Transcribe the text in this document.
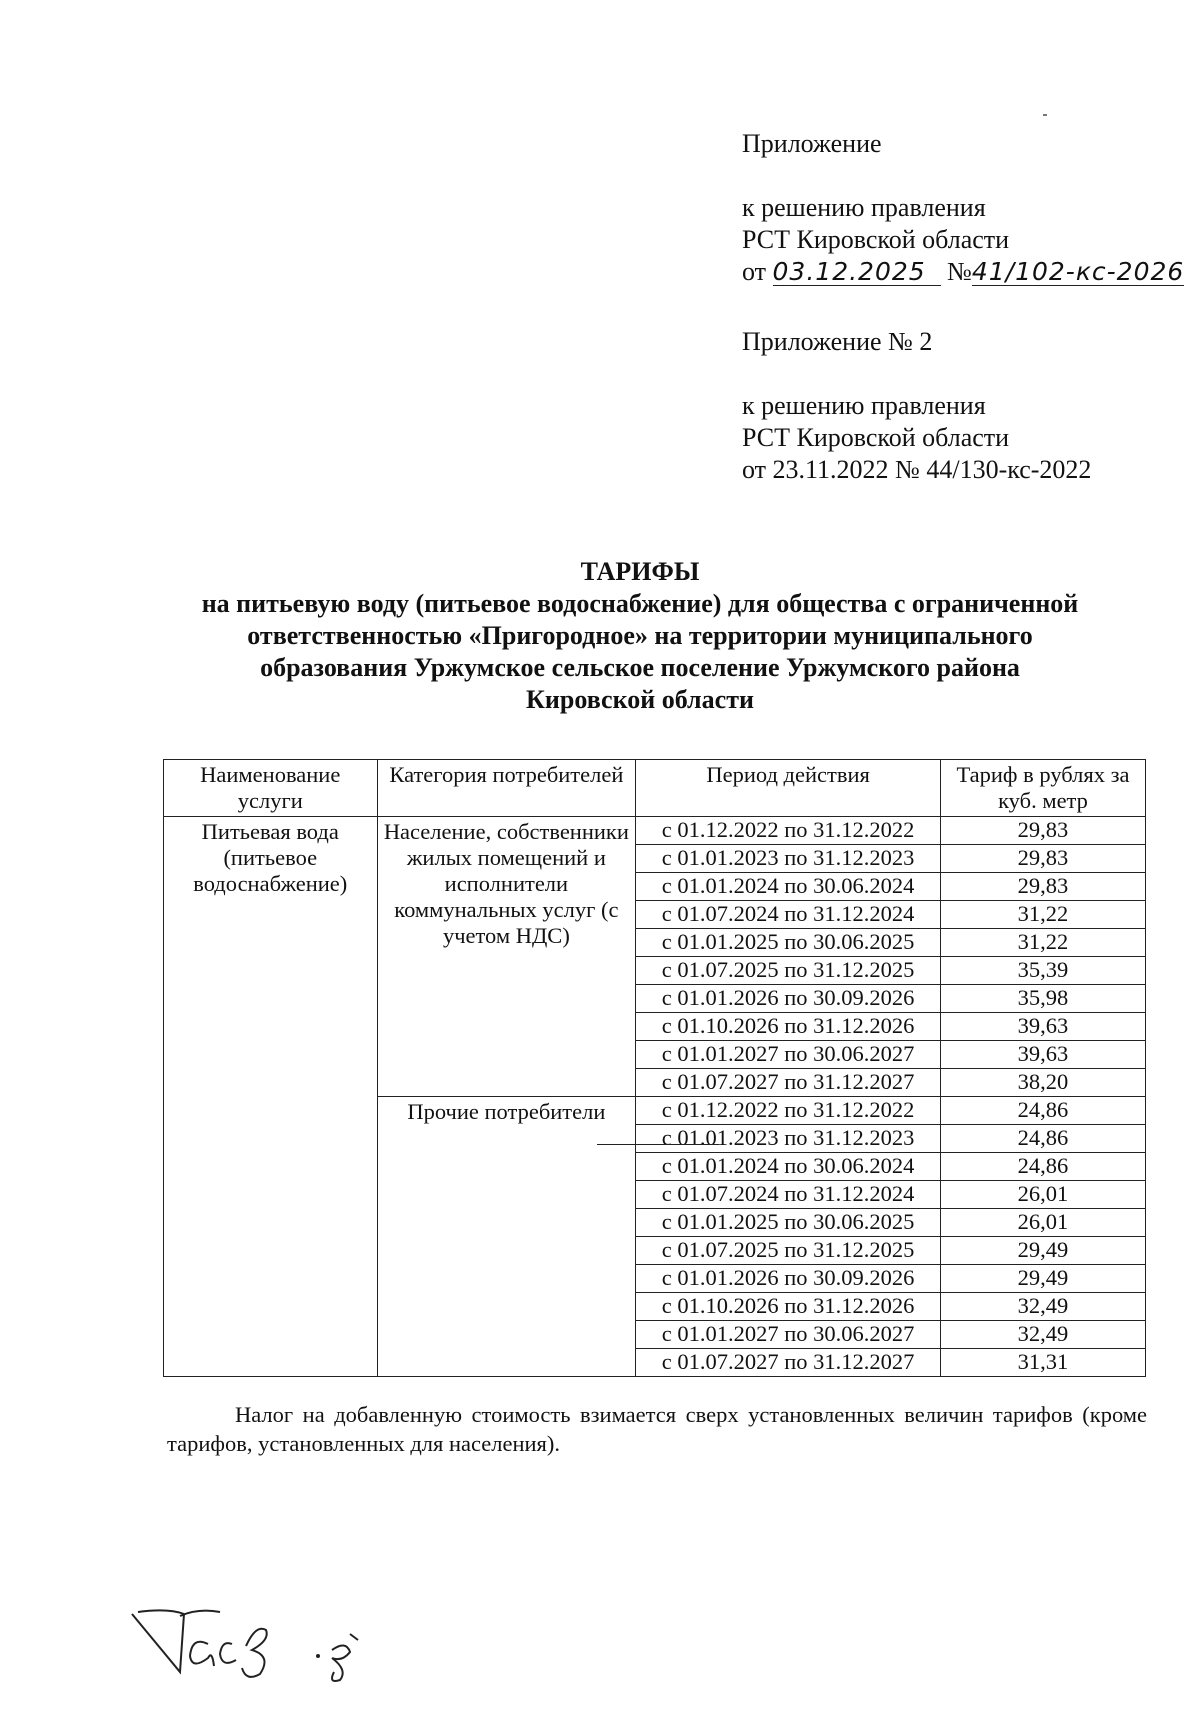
Приложение
к решению правления
РСТ Кировской области
от 03.12.2025 №41/102-кс-2026
Приложение № 2
к решению правления
РСТ Кировской области
от 23.11.2022 № 44/130-кс-2022
ТАРИФЫ
на питьевую воду (питьевое водоснабжение) для общества с ограниченной
ответственностью «Пригородное» на территории муниципального
образования Уржумское сельское поселение Уржумского района
Кировской области
Наименование услуги	Категория потребителей	Период действия	Тариф в рублях за куб. метр
Питьевая вода (питьевое водоснабжение)	Население, собственники жилых помещений и исполнители коммунальных услуг (с учетом НДС)	с 01.12.2022 по 31.12.2022	29,83
		с 01.01.2023 по 31.12.2023	29,83
		с 01.01.2024 по 30.06.2024	29,83
		с 01.07.2024 по 31.12.2024	31,22
		с 01.01.2025 по 30.06.2025	31,22
		с 01.07.2025 по 31.12.2025	35,39
		с 01.01.2026 по 30.09.2026	35,98
		с 01.10.2026 по 31.12.2026	39,63
		с 01.01.2027 по 30.06.2027	39,63
		с 01.07.2027 по 31.12.2027	38,20
	Прочие потребители	с 01.12.2022 по 31.12.2022	24,86
		с 01.01.2023 по 31.12.2023	24,86
		с 01.01.2024 по 30.06.2024	24,86
		с 01.07.2024 по 31.12.2024	26,01
		с 01.01.2025 по 30.06.2025	26,01
		с 01.07.2025 по 31.12.2025	29,49
		с 01.01.2026 по 30.09.2026	29,49
		с 01.10.2026 по 31.12.2026	32,49
		с 01.01.2027 по 30.06.2027	32,49
		с 01.07.2027 по 31.12.2027	31,31
Налог на добавленную стоимость взимается сверх установленных величин тарифов (кроме тарифов, установленных для населения).
